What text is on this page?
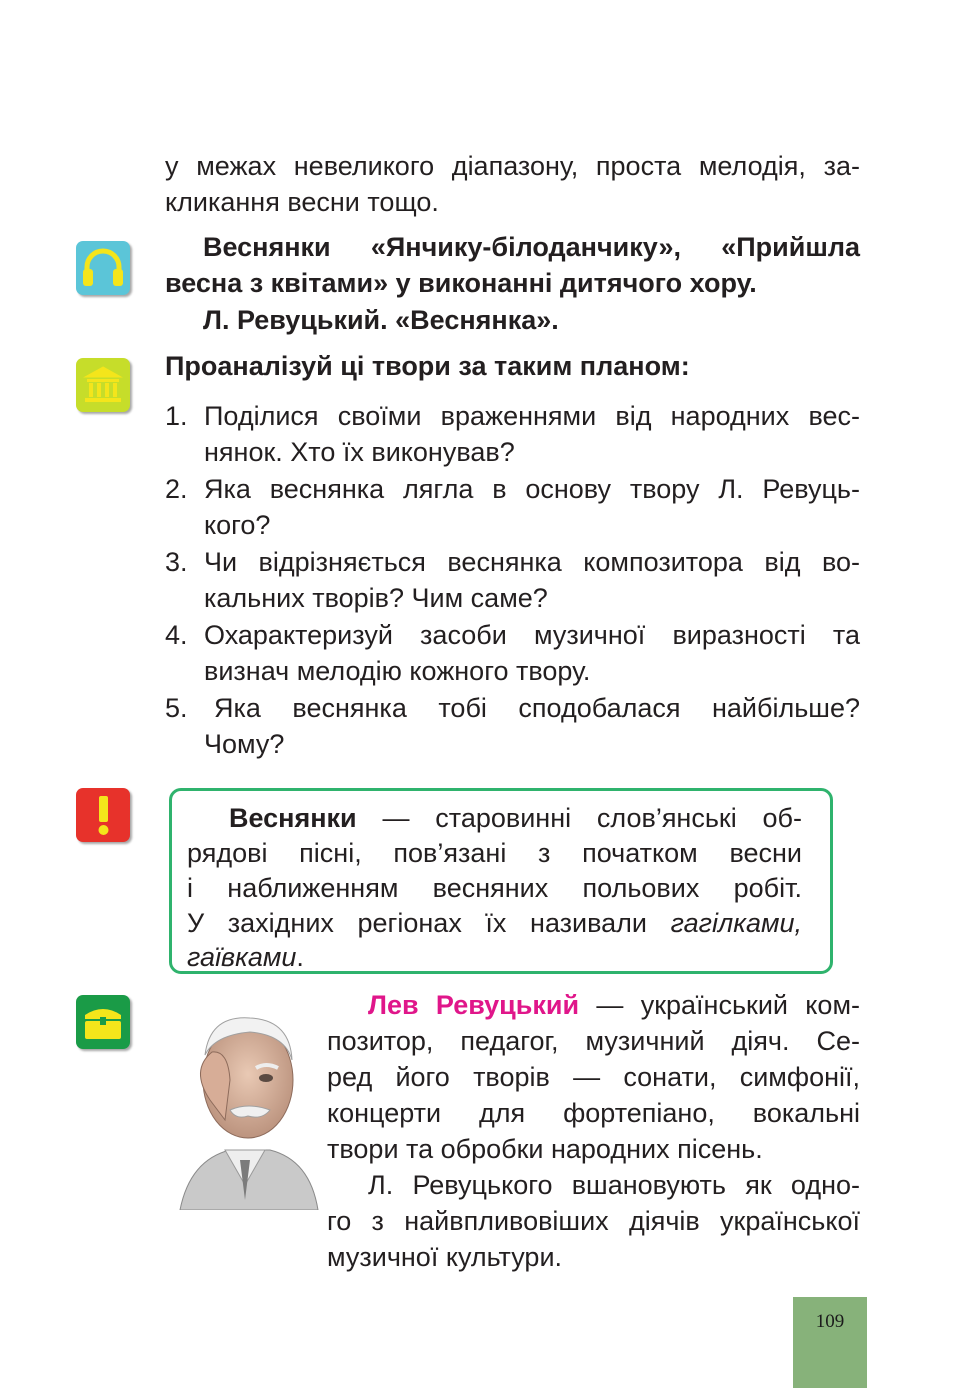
у межах невеликого діапазону, проста мелодія, за-
кликання весни тощо.
Веснянки «Янчику-білоданчику», «Прийшла
весна з квітами» у виконанні дитячого хору.
Л. Ревуцький. «Веснянка».
Проаналізуй ці твори за таким планом:
1. Поділися своїми враженнями від народних вес-
нянок. Хто їх виконував?
2. Яка веснянка лягла в основу твору Л. Ревуць-
кого?
3. Чи відрізняється веснянка композитора від во-
кальних творів? Чим саме?
4. Охарактеризуй засоби музичної виразності та
визнач мелодію кожного твору.
5. Яка веснянка тобі сподобалася найбільше?
Чому?
Веснянки — старовинні слов’янські об-
рядові пісні, пов’язані з початком весни
і наближенням весняних польових робіт.
У західних регіонах їх називали гагілками,
гаївками.
Лев Ревуцький — український ком-
позитор, педагог, музичний діяч. Се-
ред його творів — сонати, симфонії,
концерти для фортепіано, вокальні
твори та обробки народних пісень.
Л. Ревуцького вшановують як одно-
го з найвпливовіших діячів української
музичної культури.
109
